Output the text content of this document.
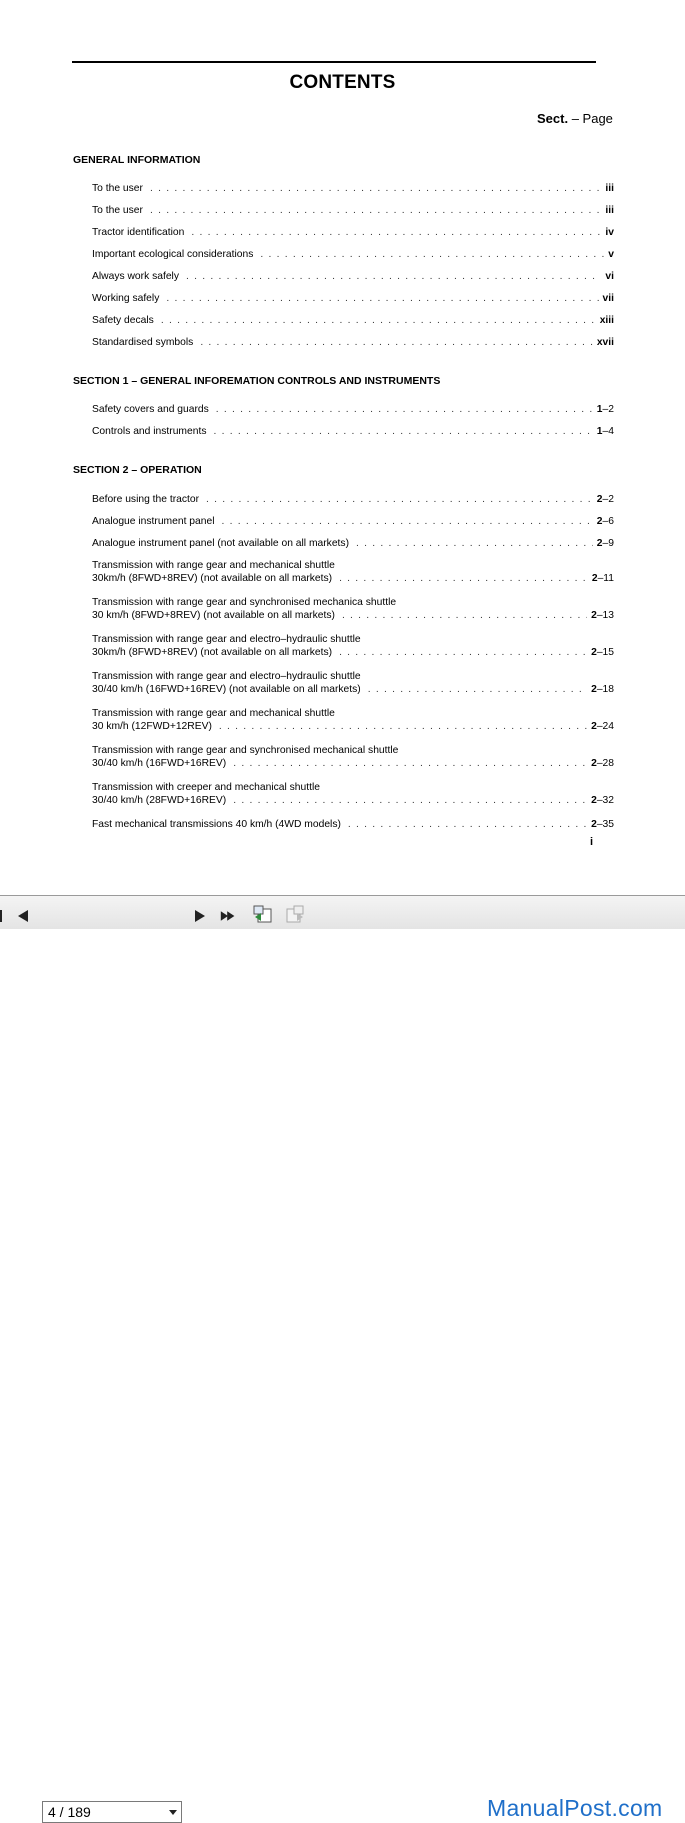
CONTENTS
Sect. – Page
GENERAL INFORMATION
To the user . . .	iii
To the user . . .	iii
Tractor identification . . .	iv
Important ecological considerations . . .	v
Always work safely . . .	vi
Working safely . . .	vii
Safety decals . . .	xiii
Standardised symbols . . .	xvii
SECTION 1 – GENERAL INFOREMATION CONTROLS AND INSTRUMENTS
Safety covers and guards . . .	1–2
Controls and instruments . . .	1–4
SECTION 2 – OPERATION
Before using the tractor . . .	2–2
Analogue instrument panel . . .	2–6
Analogue instrument panel (not available on all markets) . . .	2–9
Transmission with range gear and mechanical shuttle
30km/h (8FWD+8REV) (not available on all markets) . . .	2–11
Transmission with range gear and synchronised mechanica shuttle
30 km/h (8FWD+8REV) (not available on all markets) . . .	2–13
Transmission with range gear and electro–hydraulic shuttle
30km/h (8FWD+8REV) (not available on all markets) . . .	2–15
Transmission with range gear and electro–hydraulic shuttle
30/40 km/h (16FWD+16REV) (not available on all markets) . . .	2–18
Transmission with range gear and mechanical shuttle
30 km/h (12FWD+12REV) . . .	2–24
Transmission with range gear and synchronised mechanical shuttle
30/40 km/h (16FWD+16REV) . . .	2–28
Transmission with creeper and mechanical shuttle
30/40 km/h (28FWD+16REV) . . .	2–32
Fast mechanical transmissions 40 km/h (4WD models) . . .	2–35
i
4 / 189	ManualPost.com
